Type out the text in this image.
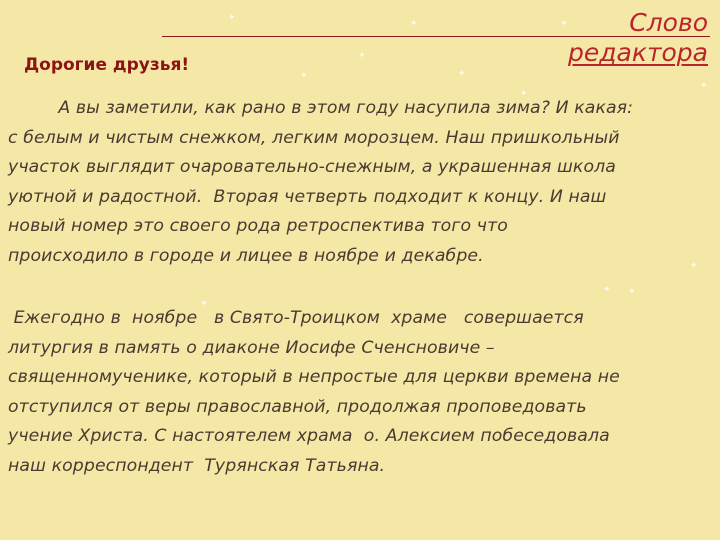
✦
✦
✦
✦
✦
✦ ✦
✦
✦
✦
✦	✦	Слово
редактора
Дорогие друзья!
А вы заметили, как рано в этом году насупила зима? И какая:
с белым и чистым снежком, легким морозцем. Наш пришкольный
участок выглядит очаровательно-снежным, а украшенная школа
уютной и радостной.  Вторая четверть подходит к концу. И наш
новый номер это своего рода ретроспектива того что
происходило в городе и лицее в ноябре и декабре.
Ежегодно в  ноябре   в Свято-Троицком  храме   совершается
литургия в память о диаконе Иосифе Сченсновиче –
священномученике, который в непростые для церкви времена не
отступился от веры православной, продолжая проповедовать
учение Христа. С настоятелем храма  о. Алексием побеседовала
наш корреспондент  Турянская Татьяна.
